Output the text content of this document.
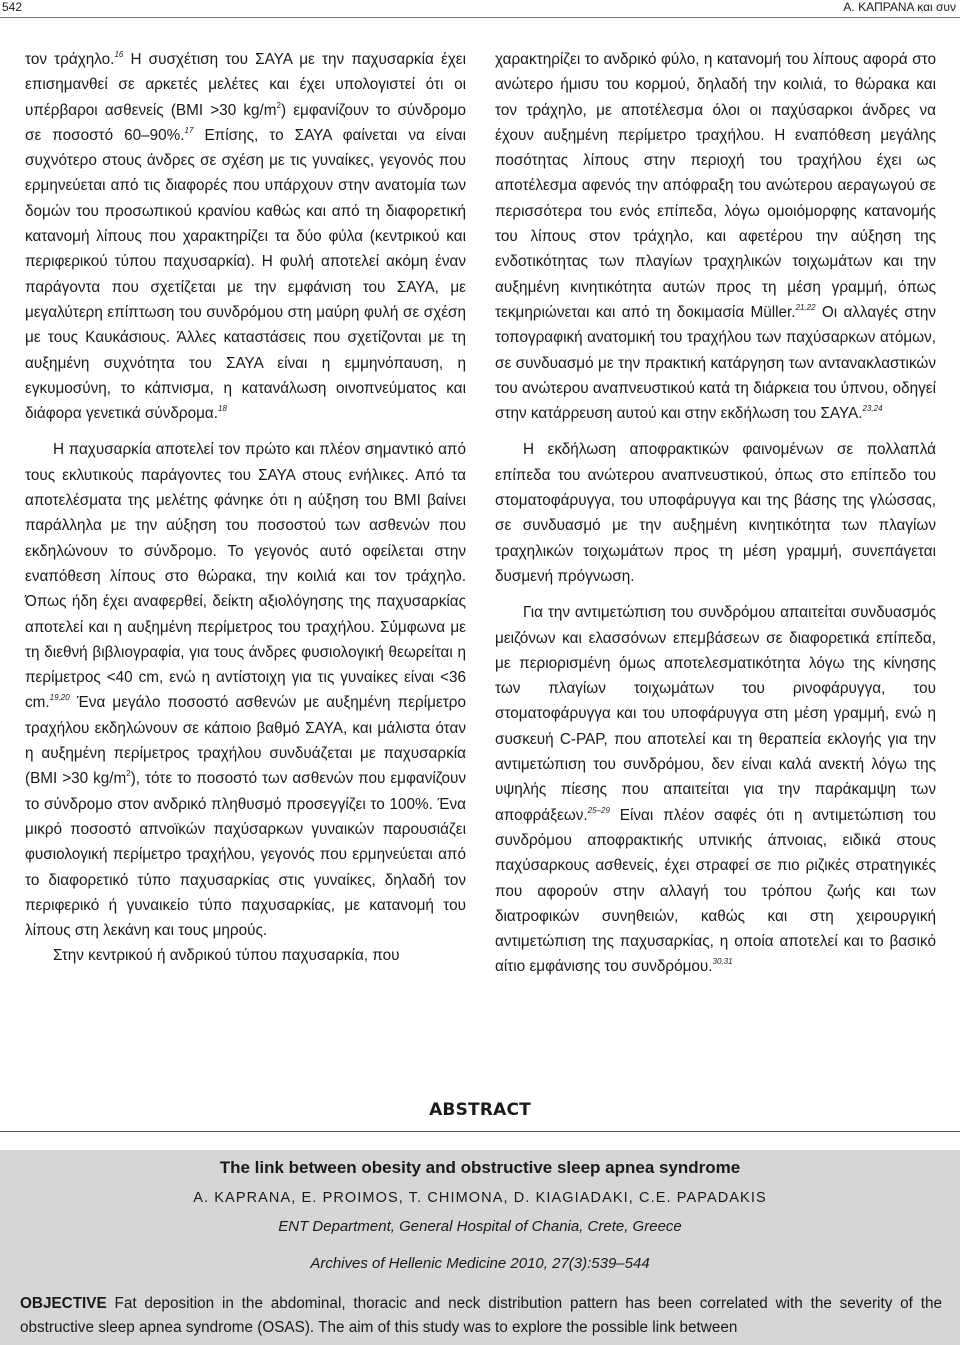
542	Α. ΚΑΠΡΑΝΑ και συν

τον τράχηλο.$^{16}$ Η συσχέτιση του ΣΑΥΑ με την παχυσαρκία έχει επισημανθεί σε αρκετές μελέτες και έχει υπολογιστεί ότι οι υπέρβαροι ασθενείς (BMI >30 $kg/m^2$) εμφανίζουν το σύνδρομο σε ποσοστό 60–90%.$^{17}$ Επίσης, το ΣΑΥΑ φαίνεται να είναι συχνότερο στους άνδρες σε σχέση με τις γυναίκες, γεγονός που ερμηνεύεται από τις διαφορές που υπάρχουν στην ανατομία των δομών του προσωπικού κρανίου καθώς και από τη διαφορετική κατανομή λίπους που χαρακτηρίζει τα δύο φύλα (κεντρικού και περιφερικού τύπου παχυσαρκία). Η φυλή αποτελεί ακόμη έναν παράγοντα που σχετίζεται με την εμφάνιση του ΣΑΥΑ, με μεγαλύτερη επίπτωση του συνδρόμου στη μαύρη φυλή σε σχέση με τους Καυκάσιους. Άλλες καταστάσεις που σχετίζονται με τη αυξημένη συχνότητα του ΣΑΥΑ είναι η εμμηνόπαυση, η εγκυμοσύνη, το κάπνισμα, η κατανάλωση οινοπνεύματος και διάφορα γενετικά σύνδρομα.$^{18}$

Η παχυσαρκία αποτελεί τον πρώτο και πλέον σημαντικό από τους εκλυτικούς παράγοντες του ΣΑΥΑ στους ενήλικες. Από τα αποτελέσματα της μελέτης φάνηκε ότι η αύξηση του BMI βαίνει παράλληλα με την αύξηση του ποσοστού των ασθενών που εκδηλώνουν το σύνδρομο. Το γεγονός αυτό οφείλεται στην εναπόθεση λίπους στο θώρακα, την κοιλιά και τον τράχηλο. Όπως ήδη έχει αναφερθεί, δείκτη αξιολόγησης της παχυσαρκίας αποτελεί και η αυξημένη περίμετρος του τραχήλου. Σύμφωνα με τη διεθνή βιβλιογραφία, για τους άνδρες φυσιολογική θεωρείται η περίμετρος <40 cm, ενώ η αντίστοιχη για τις γυναίκες είναι <36 cm.$^{19,20}$ Ένα μεγάλο ποσοστό ασθενών με αυξημένη περίμετρο τραχήλου εκδηλώνουν σε κάποιο βαθμό ΣΑΥΑ, και μάλιστα όταν η αυξημένη περίμετρος τραχήλου συνδυάζεται με παχυσαρκία (BMI >30 $kg/m^2$), τότε το ποσοστό των ασθενών που εμφανίζουν το σύνδρομο στον ανδρικό πληθυσμό προσεγγίζει το 100%. Ένα μικρό ποσοστό απνοϊκών παχύσαρκων γυναικών παρουσιάζει φυσιολογική περίμετρο τραχήλου, γεγονός που ερμηνεύεται από το διαφορετικό τύπο παχυσαρκίας στις γυναίκες, δηλαδή τον περιφερικό ή γυναικείο τύπο παχυσαρκίας, με κατανομή του λίπους στη λεκάνη και τους μηρούς.

Στην κεντρικού ή ανδρικού τύπου παχυσαρκία, που

χαρακτηρίζει το ανδρικό φύλο, η κατανομή του λίπους αφορά στο ανώτερο ήμισυ του κορμού, δηλαδή την κοιλιά, το θώρακα και τον τράχηλο, με αποτέλεσμα όλοι οι παχύσαρκοι άνδρες να έχουν αυξημένη περίμετρο τραχήλου. Η εναπόθεση μεγάλης ποσότητας λίπους στην περιοχή του τραχήλου έχει ως αποτέλεσμα αφενός την απόφραξη του ανώτερου αεραγωγού σε περισσότερα του ενός επίπεδα, λόγω ομοιόμορφης κατανομής του λίπους στον τράχηλο, και αφετέρου την αύξηση της ενδοτικότητας των πλαγίων τραχηλικών τοιχωμάτων και την αυξημένη κινητικότητα αυτών προς τη μέση γραμμή, όπως τεκμηριώνεται και από τη δοκιμασία Müller.$^{21,22}$ Οι αλλαγές στην τοπογραφική ανατομική του τραχήλου των παχύσαρκων ατόμων, σε συνδυασμό με την πρακτική κατάργηση των αντανακλαστικών του ανώτερου αναπνευστικού κατά τη διάρκεια του ύπνου, οδηγεί στην κατάρρευση αυτού και στην εκδήλωση του ΣΑΥΑ.$^{23,24}$

Η εκδήλωση αποφρακτικών φαινομένων σε πολλαπλά επίπεδα του ανώτερου αναπνευστικού, όπως στο επίπεδο του στοματοφάρυγγα, του υποφάρυγγα και της βάσης της γλώσσας, σε συνδυασμό με την αυξημένη κινητικότητα των πλαγίων τραχηλικών τοιχωμάτων προς τη μέση γραμμή, συνεπάγεται δυσμενή πρόγνωση.

Για την αντιμετώπιση του συνδρόμου απαιτείται συνδυασμός μειζόνων και ελασσόνων επεμβάσεων σε διαφορετικά επίπεδα, με περιορισμένη όμως αποτελεσματικότητα λόγω της κίνησης των πλαγίων τοιχωμάτων του ρινοφάρυγγα, του στοματοφάρυγγα και του υποφάρυγγα στη μέση γραμμή, ενώ η συσκευή C-PAP, που αποτελεί και τη θεραπεία εκλογής για την αντιμετώπιση του συνδρόμου, δεν είναι καλά ανεκτή λόγω της υψηλής πίεσης που απαιτείται για την παράκαμψη των αποφράξεων.$^{25-29}$ Είναι πλέον σαφές ότι η αντιμετώπιση του συνδρόμου αποφρακτικής υπνικής άπνοιας, ειδικά στους παχύσαρκους ασθενείς, έχει στραφεί σε πιο ριζικές στρατηγικές που αφορούν στην αλλαγή του τρόπου ζωής και των διατροφικών συνηθειών, καθώς και στη χειρουργική αντιμετώπιση της παχυσαρκίας, η οποία αποτελεί και το βασικό αίτιο εμφάνισης του συνδρόμου.$^{30,31}$

ABSTRACT
The link between obesity and obstructive sleep apnea syndrome
A. KAPRANA, E. PROIMOS, T. CHIMONA, D. KIAGIADAKI, C.E. PAPADAKIS
ENT Department, General Hospital of Chania, Crete, Greece
Archives of Hellenic Medicine 2010, 27(3):539–544
OBJECTIVE Fat deposition in the abdominal, thoracic and neck distribution pattern has been correlated with the severity of the obstructive sleep apnea syndrome (OSAS). The aim of this study was to explore the possible link between
